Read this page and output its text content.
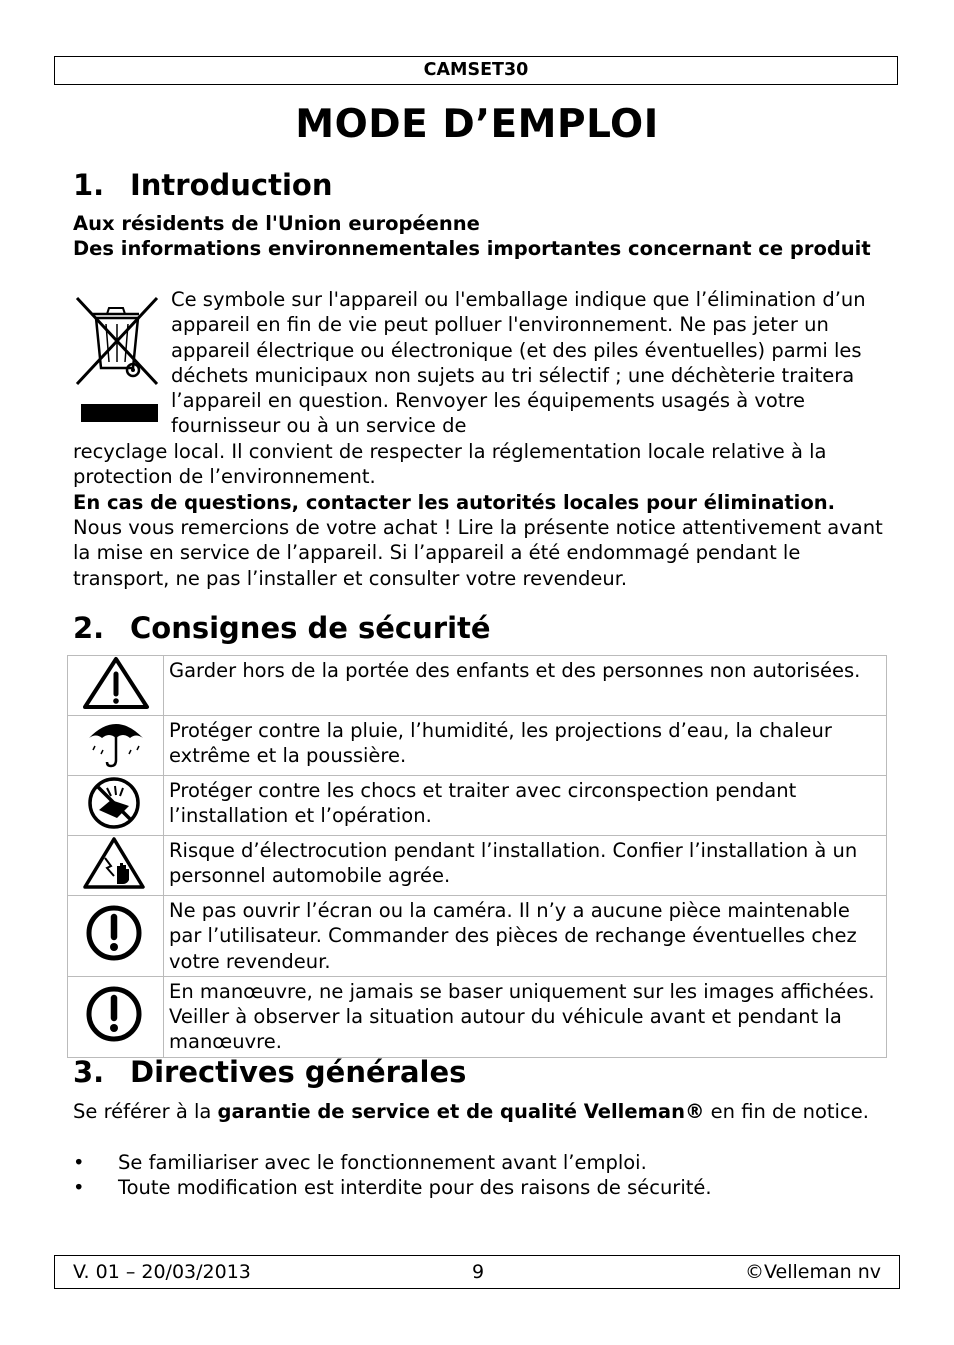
CAMSET30
MODE D’EMPLOI
1. Introduction
Aux résidents de l'Union européenne
Des informations environnementales importantes concernant ce produit
Ce symbole sur l'appareil ou l'emballage indique que l’élimination d’un appareil en fin de vie peut polluer l'environnement. Ne pas jeter un appareil électrique ou électronique (et des piles éventuelles) parmi les déchets municipaux non sujets au tri sélectif ; une déchèterie traitera l’appareil en question. Renvoyer les équipements usagés à votre fournisseur ou à un service de
recyclage local. Il convient de respecter la réglementation locale relative à la protection de l’environnement.
En cas de questions, contacter les autorités locales pour élimination.
Nous vous remercions de votre achat ! Lire la présente notice attentivement avant la mise en service de l’appareil. Si l’appareil a été endommagé pendant le transport, ne pas l’installer et consulter votre revendeur.
2. Consignes de sécurité
	Garder hors de la portée des enfants et des personnes non autorisées.
	Protéger contre la pluie, l’humidité, les projections d’eau, la chaleur extrême et la poussière.
	Protéger contre les chocs et traiter avec circonspection pendant l’installation et l’opération.
	Risque d’électrocution pendant l’installation. Confier l’installation à un personnel automobile agrée.
	Ne pas ouvrir l’écran ou la caméra. Il n’y a aucune pièce maintenable par l’utilisateur. Commander des pièces de rechange éventuelles chez votre revendeur.
	En manœuvre, ne jamais se baser uniquement sur les images affichées. Veiller à observer la situation autour du véhicule avant et pendant la manœuvre.
3. Directives générales
Se référer à la garantie de service et de qualité Velleman® en fin de notice.
• Se familiariser avec le fonctionnement avant l’emploi.
• Toute modification est interdite pour des raisons de sécurité.
V. 01 – 20/03/2013	9	©Velleman nv
